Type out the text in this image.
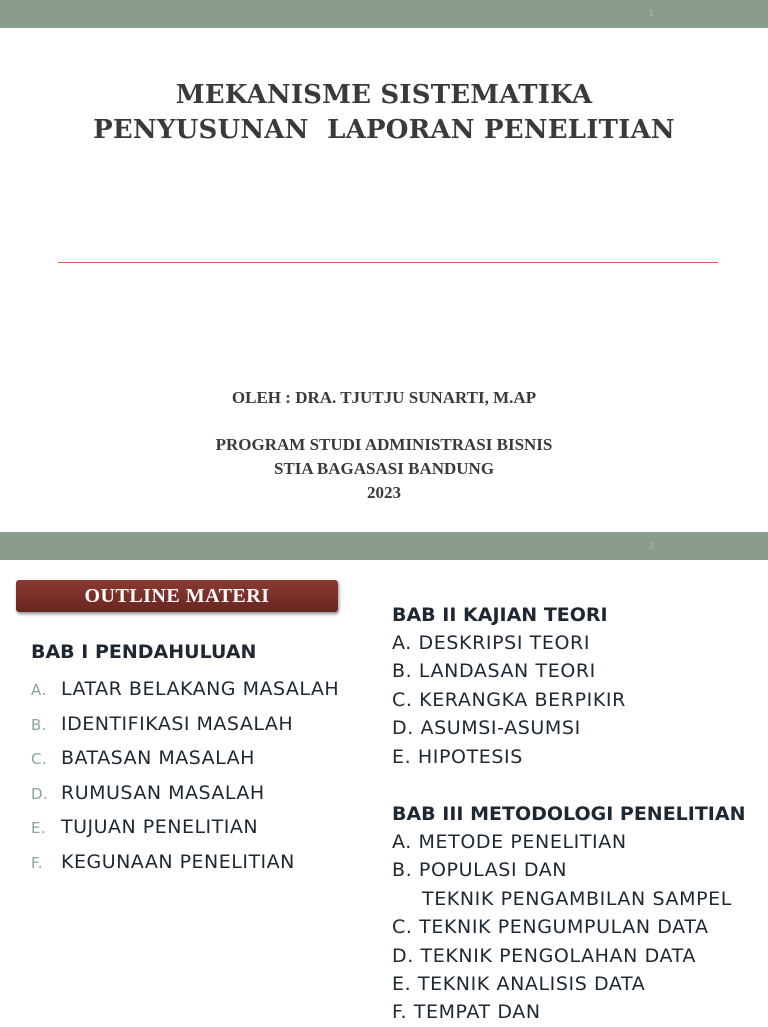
1
MEKANISME SISTEMATIKA
PENYUSUNAN  LAPORAN PENELITIAN
OLEH : DRA. TJUTJU SUNARTI, M.AP
PROGRAM STUDI ADMINISTRASI BISNIS
STIA BAGASASI BANDUNG
2023
2
OUTLINE MATERI
BAB I PENDAHULUAN
A. LATAR BELAKANG MASALAH
B. IDENTIFIKASI MASALAH
C. BATASAN MASALAH
D. RUMUSAN MASALAH
E. TUJUAN PENELITIAN
F. KEGUNAAN PENELITIAN
BAB II KAJIAN TEORI
A. DESKRIPSI TEORI
B. LANDASAN TEORI
C. KERANGKA BERPIKIR
D. ASUMSI-ASUMSI
E. HIPOTESIS
BAB III METODOLOGI PENELITIAN
A. METODE PENELITIAN
B. POPULASI DAN
TEKNIK PENGAMBILAN SAMPEL
C. TEKNIK PENGUMPULAN DATA
D. TEKNIK PENGOLAHAN DATA
E. TEKNIK ANALISIS DATA
F. TEMPAT DAN
